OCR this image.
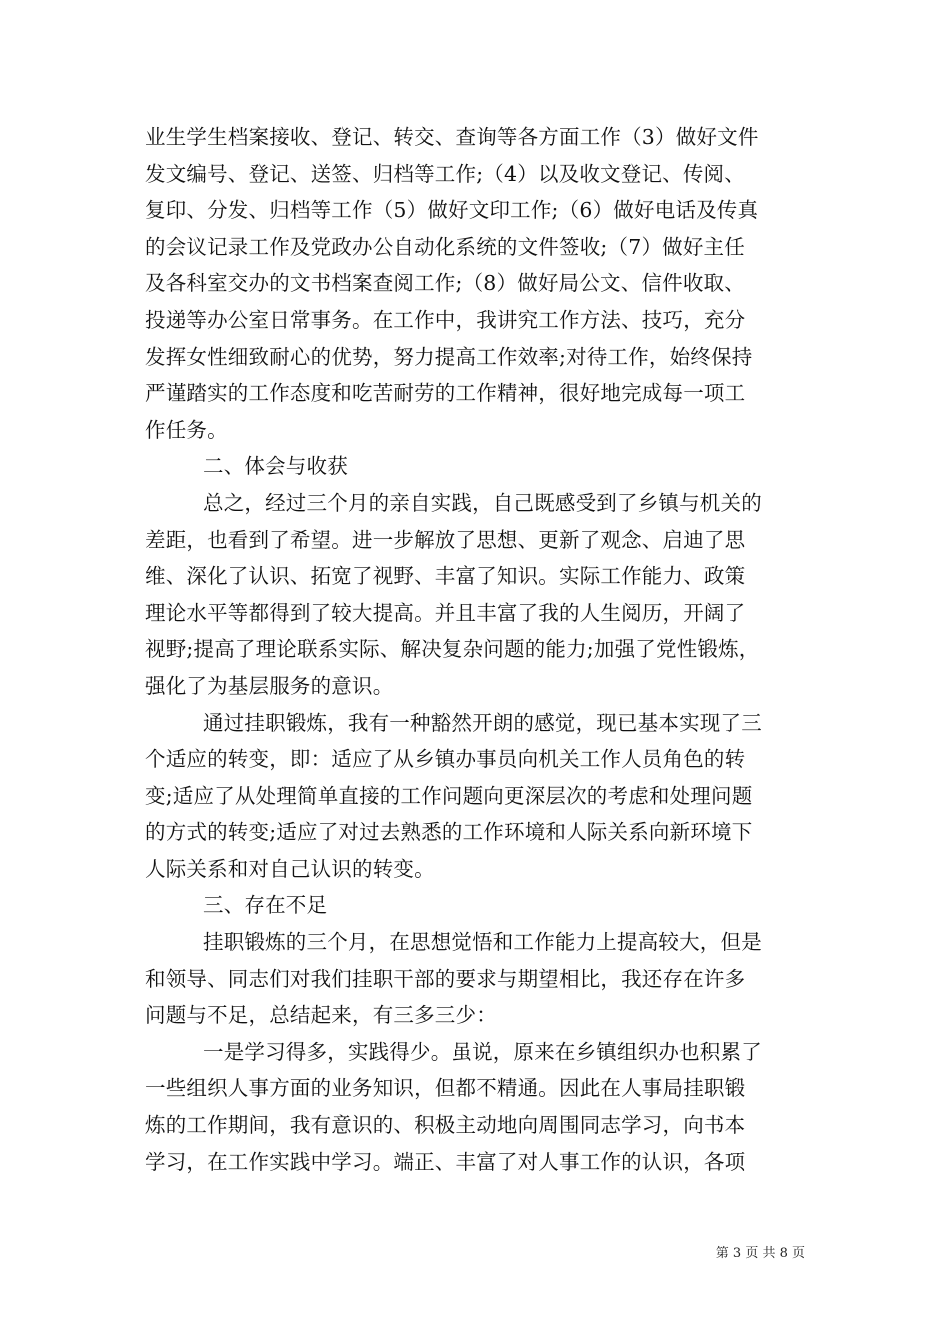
业生学生档案接收、登记、转交、查询等各方面工作（3）做好文件
发文编号、登记、送签、归档等工作;（4）以及收文登记、传阅、
复印、分发、归档等工作（5）做好文印工作;（6）做好电话及传真
的会议记录工作及党政办公自动化系统的文件签收;（7）做好主任
及各科室交办的文书档案查阅工作;（8）做好局公文、信件收取、
投递等办公室日常事务。在工作中，我讲究工作方法、技巧，充分
发挥女性细致耐心的优势，努力提高工作效率;对待工作，始终保持
严谨踏实的工作态度和吃苦耐劳的工作精神，很好地完成每一项工
作任务。
二、体会与收获
总之，经过三个月的亲自实践，自己既感受到了乡镇与机关的
差距，也看到了希望。进一步解放了思想、更新了观念、启迪了思
维、深化了认识、拓宽了视野、丰富了知识。实际工作能力、政策
理论水平等都得到了较大提高。并且丰富了我的人生阅历，开阔了
视野;提高了理论联系实际、解决复杂问题的能力;加强了党性锻炼，
强化了为基层服务的意识。
通过挂职锻炼，我有一种豁然开朗的感觉，现已基本实现了三
个适应的转变，即：适应了从乡镇办事员向机关工作人员角色的转
变;适应了从处理简单直接的工作问题向更深层次的考虑和处理问题
的方式的转变;适应了对过去熟悉的工作环境和人际关系向新环境下
人际关系和对自己认识的转变。
三、存在不足
挂职锻炼的三个月，在思想觉悟和工作能力上提高较大，但是
和领导、同志们对我们挂职干部的要求与期望相比，我还存在许多
问题与不足，总结起来，有三多三少：
一是学习得多，实践得少。虽说，原来在乡镇组织办也积累了
一些组织人事方面的业务知识，但都不精通。因此在人事局挂职锻
炼的工作期间，我有意识的、积极主动地向周围同志学习，向书本
学习，在工作实践中学习。端正、丰富了对人事工作的认识，各项
第 3 页 共 8 页
